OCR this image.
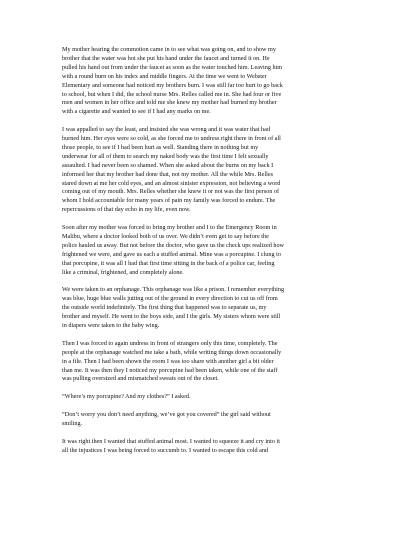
My mother hearing the commotion came in to see what was going on, and to show my
brother that the water was hot she put his hand under the faucet and turned it on. He
pulled his hand out from under the faucet as soon as the water touched him. Leaving him
with a round burn on his index and middle fingers. At the time we went to Webster
Elementary and someone had noticed my brothers burn. I was still far too hurt to go back
to school, but when I did, the school nurse Mrs. Relles called me in. She had four or five
men and women in her office and told me she knew my mother had burned my brother
with a cigarette and wanted to see if I had any marks on me.

I was appalled to say the least, and insisted she was wrong and it was water that had
burned him. Her eyes were so cold, as she forced me to undress right there in front of all
those people, to see if I had been hurt as well. Standing there in nothing but my
underwear for all of them to search my naked body was the first time I felt sexually
assaulted. I had never been so shamed. When she asked about the burns on my back I
informed her that my brother had done that, not my mother. All the while Mrs. Relles
stared down at me her cold eyes, and an almost sinister expression, not believing a word
coming out of my mouth. Mrs. Relles whether she knew it or not was the first person of
whom I hold accountable for many years of pain my family was forced to endure. The
repercussions of that day echo in my life, even now.

Soon after my mother was forced to bring my brother and I to the Emergency Room in
Malibu, where a doctor looked both of us over. We didn’t even get to say before the
police hauled us away. But not before the doctor, who gave us the check ups realized how
frightened we were, and gave us each a stuffed animal. Mine was a porcupine. I clung to
that porcupine, it was all I had that first time sitting in the back of a police car, feeling
like a criminal, frightened, and completely alone.

We were taken to an orphanage. This orphanage was like a prison. I remember everything
was blue, huge blue walls jutting out of the ground in every direction to cut us off from
the outside world indefinitely. The first thing that happened was to separate us, my
brother and myself. He went to the boys side, and I the girls. My sisters whom were still
in diapers were taken to the baby wing.

Then I was forced to again undress in front of strangers only this time, completely. The
people at the orphanage watched me take a bath, while writing things down occasionally
in a file. Then I had been shown the room I was too share with another girl a bit older
than me. It was then they I noticed my porcupine had been taken, while one of the staff
was pulling oversized and mismatched sweats out of the closet.

“Where’s my porcupine? And my clothes?” I asked.

“Don’t worry you don’t need anything, we’ve got you covered” the girl said without
smiling.

It was right then I wanted that stuffed animal most. I wanted to squeeze it and cry into it
all the injustices I was being forced to succumb to. I wanted to escape this cold and
